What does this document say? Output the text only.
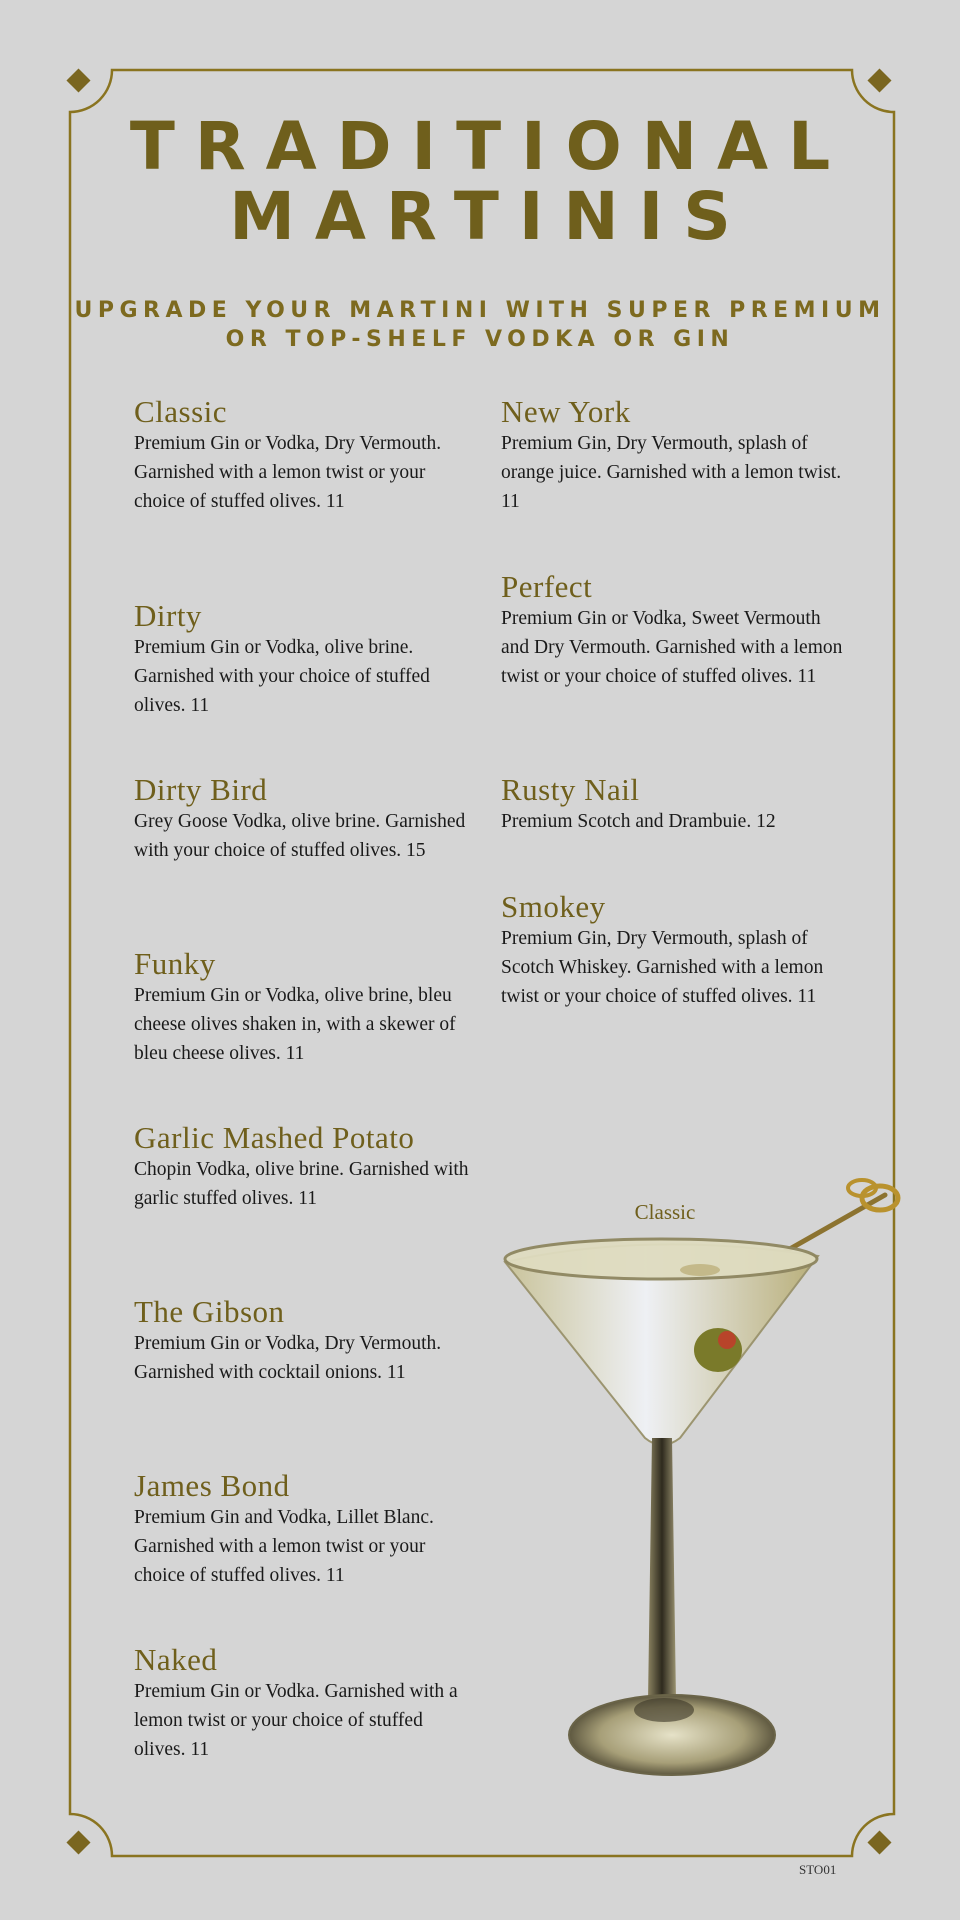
TRADITIONAL
MARTINIS
UPGRADE YOUR MARTINI WITH SUPER PREMIUM
OR TOP-SHELF VODKA OR GIN
Classic
Premium Gin or Vodka, Dry Vermouth. Garnished with a lemon twist or your choice of stuffed olives. 11
Dirty
Premium Gin or Vodka, olive brine. Garnished with your choice of stuffed olives. 11
Dirty Bird
Grey Goose Vodka, olive brine. Garnished with your choice of stuffed olives. 15
Funky
Premium Gin or Vodka, olive brine, bleu cheese olives shaken in, with a skewer of bleu cheese olives. 11
Garlic Mashed Potato
Chopin Vodka, olive brine. Garnished with garlic stuffed olives. 11
The Gibson
Premium Gin or Vodka, Dry Vermouth. Garnished with cocktail onions. 11
James Bond
Premium Gin and Vodka, Lillet Blanc. Garnished with a lemon twist or your choice of stuffed olives. 11
Naked
Premium Gin or Vodka. Garnished with a lemon twist or your choice of stuffed olives. 11
New York
Premium Gin, Dry Vermouth, splash of orange juice. Garnished with a lemon twist. 11
Perfect
Premium Gin or Vodka, Sweet Vermouth and Dry Vermouth. Garnished with a lemon twist or your choice of stuffed olives. 11
Rusty Nail
Premium Scotch and Drambuie. 12
Smokey
Premium Gin, Dry Vermouth, splash of Scotch Whiskey. Garnished with a lemon twist or your choice of stuffed olives. 11
Classic
STO01
